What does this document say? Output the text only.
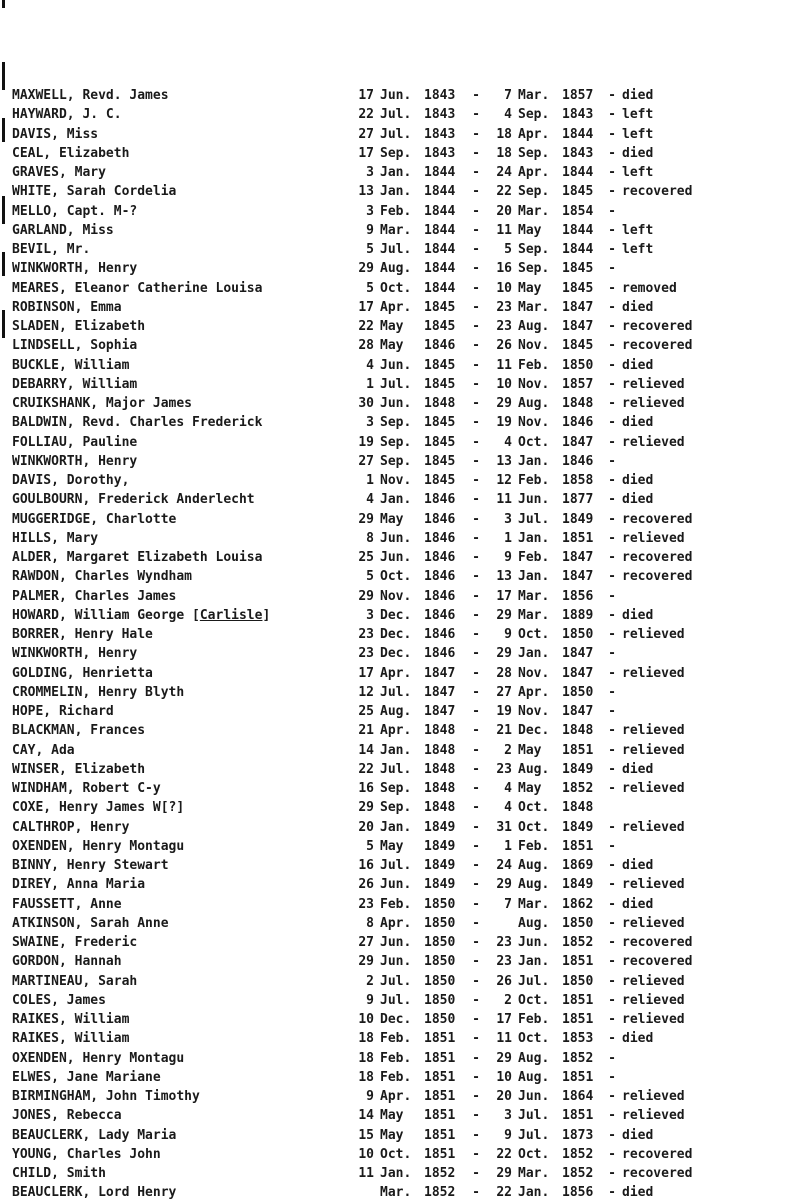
MAXWELL, Revd. James	17 Jun. 1843	-	7 Mar. 1857	- died
HAYWARD, J. C.	22 Jul. 1843	-	4 Sep. 1843	- left
DAVIS, Miss	27 Jul. 1843	-	18 Apr. 1844	- left
CEAL, Elizabeth	17 Sep. 1843	-	18 Sep. 1843	- died
GRAVES, Mary	3 Jan. 1844	-	24 Apr. 1844	- left
WHITE, Sarah Cordelia	13 Jan. 1844	-	22 Sep. 1845	- recovered
MELLO, Capt. M-?	3 Feb. 1844	-	20 Mar. 1854	-
GARLAND, Miss	9 Mar. 1844	-	11 May	1844	- left
BEVIL, Mr.	5 Jul. 1844	-	5 Sep. 1844	- left
WINKWORTH, Henry	29 Aug. 1844	-	16 Sep. 1845	-
MEARES, Eleanor Catherine Louisa	5 Oct. 1844	-	10 May	1845	- removed
ROBINSON, Emma	17 Apr. 1845	-	23 Mar. 1847	- died
SLADEN, Elizabeth	22 May	1845	-	23 Aug. 1847	- recovered
LINDSELL, Sophia	28 May	1846	-	26 Nov. 1845	- recovered
BUCKLE, William	4 Jun. 1845	-	11 Feb. 1850	- died
DEBARRY, William	1 Jul. 1845	-	10 Nov. 1857	- relieved
CRUIKSHANK, Major James	30 Jun. 1848	-	29 Aug. 1848	- relieved
BALDWIN, Revd. Charles Frederick	3 Sep. 1845	-	19 Nov. 1846	- died
FOLLIAU, Pauline	19 Sep. 1845	-	4 Oct. 1847	- relieved
WINKWORTH, Henry	27 Sep. 1845	-	13 Jan. 1846	-
DAVIS, Dorothy,	1 Nov. 1845	-	12 Feb. 1858	- died
GOULBOURN, Frederick Anderlecht	4 Jan. 1846	-	11 Jun. 1877	- died
MUGGERIDGE, Charlotte	29 May	1846	-	3 Jul. 1849	- recovered
HILLS, Mary	8 Jun. 1846	-	1 Jan. 1851	- relieved
ALDER, Margaret Elizabeth Louisa	25 Jun. 1846	-	9 Feb. 1847	- recovered
RAWDON, Charles Wyndham	5 Oct. 1846	-	13 Jan. 1847	- recovered
PALMER, Charles James	29 Nov. 1846	-	17 Mar. 1856	-
HOWARD, William George [Carlisle]	3 Dec. 1846	-	29 Mar. 1889	- died
BORRER, Henry Hale	23 Dec. 1846	-	9 Oct. 1850	- relieved
WINKWORTH, Henry	23 Dec. 1846	-	29 Jan. 1847	-
GOLDING, Henrietta	17 Apr. 1847	-	28 Nov. 1847	- relieved
CROMMELIN, Henry Blyth	12 Jul. 1847	-	27 Apr. 1850	-
HOPE, Richard	25 Aug. 1847	-	19 Nov. 1847	-
BLACKMAN, Frances	21 Apr. 1848	-	21 Dec. 1848	- relieved
CAY, Ada	14 Jan. 1848	-	2 May	1851	- relieved
WINSER, Elizabeth	22 Jul. 1848	-	23 Aug. 1849	- died
WINDHAM, Robert C-y	16 Sep. 1848	-	4 May	1852	- relieved
COXE, Henry James W[?]	29 Sep. 1848	-	4 Oct. 1848
CALTHROP, Henry	20 Jan. 1849	-	31 Oct. 1849	- relieved
OXENDEN, Henry Montagu	5 May	1849	-	1 Feb. 1851	-
BINNY, Henry Stewart	16 Jul. 1849	-	24 Aug. 1869	- died
DIREY, Anna Maria	26 Jun. 1849	-	29 Aug. 1849	- relieved
FAUSSETT, Anne	23 Feb. 1850	-	7 Mar. 1862	- died
ATKINSON, Sarah Anne	8 Apr. 1850	-	Aug. 1850	- relieved
SWAINE, Frederic	27 Jun. 1850	-	23 Jun. 1852	- recovered
GORDON, Hannah	29 Jun. 1850	-	23 Jan. 1851	- recovered
MARTINEAU, Sarah	2 Jul. 1850	-	26 Jul. 1850	- relieved
COLES, James	9 Jul. 1850	-	2 Oct. 1851	- relieved
RAIKES, William	10 Dec. 1850	-	17 Feb. 1851	- relieved
RAIKES, William	18 Feb. 1851	-	11 Oct. 1853	- died
OXENDEN, Henry Montagu	18 Feb. 1851	-	29 Aug. 1852	-
ELWES, Jane Mariane	18 Feb. 1851	-	10 Aug. 1851	-
BIRMINGHAM, John Timothy	9 Apr. 1851	-	20 Jun. 1864	- relieved
JONES, Rebecca	14 May	1851	-	3 Jul. 1851	- relieved
BEAUCLERK, Lady Maria	15 May	1851	-	9 Jul. 1873	- died
YOUNG, Charles John	10 Oct. 1851	-	22 Oct. 1852	- recovered
CHILD, Smith	11 Jan. 1852	-	29 Mar. 1852	- recovered
BEAUCLERK, Lord Henry	Mar. 1852	-	22 Jan. 1856	- died
